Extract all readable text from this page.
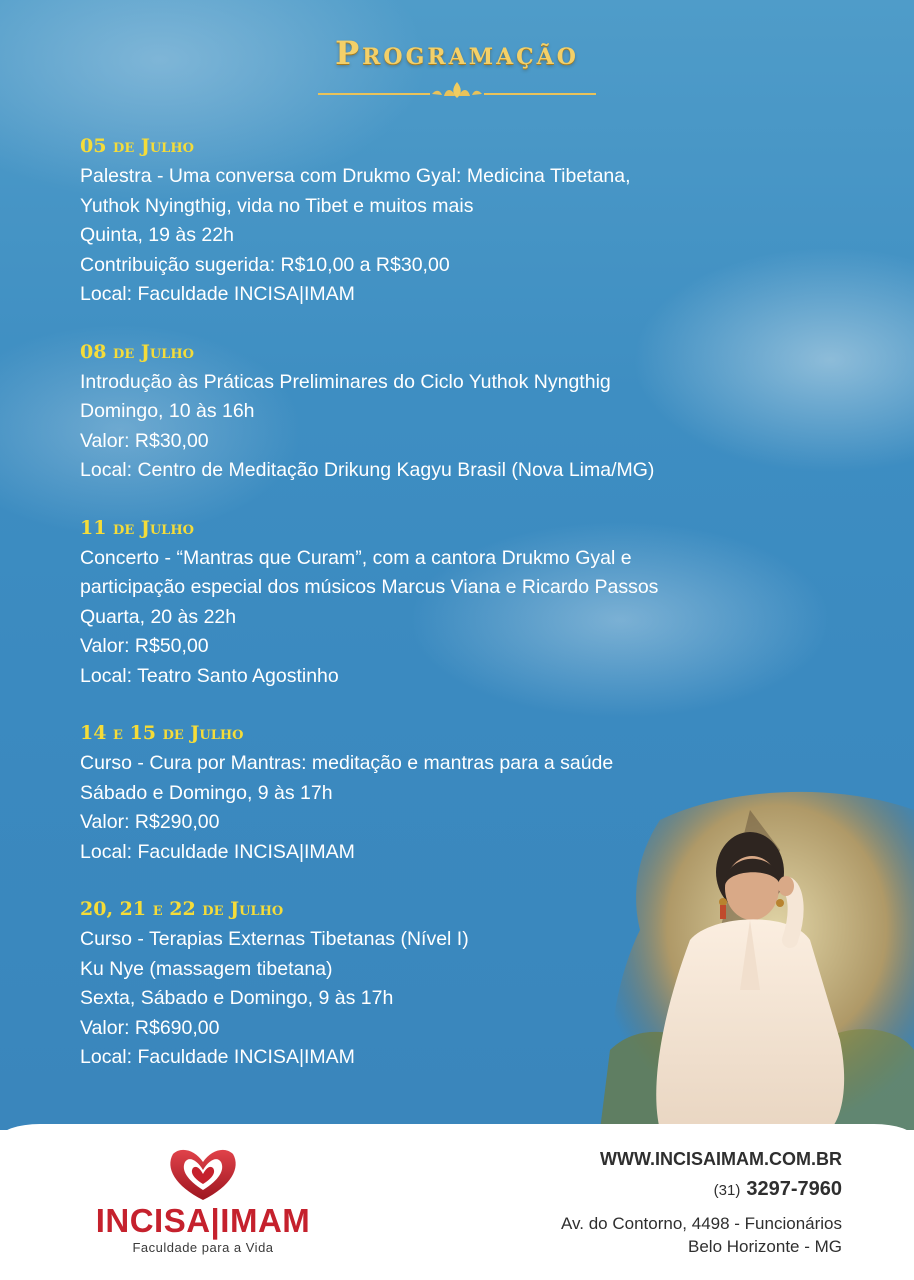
Programação
05 de Julho
Palestra - Uma conversa com Drukmo Gyal: Medicina Tibetana,
Yuthok Nyingthig, vida no Tibet e muitos mais
Quinta, 19 às 22h
Contribuição sugerida: R$10,00 a R$30,00
Local: Faculdade INCISA|IMAM
08 de Julho
Introdução às Práticas Preliminares do Ciclo Yuthok Nyngthig
Domingo, 10 às 16h
Valor: R$30,00
Local: Centro de Meditação Drikung Kagyu Brasil (Nova Lima/MG)
11 de Julho
Concerto - “Mantras que Curam”, com a cantora Drukmo Gyal e
participação especial dos músicos Marcus Viana e Ricardo Passos
Quarta, 20 às 22h
Valor: R$50,00
Local: Teatro Santo Agostinho
14 e 15 de Julho
Curso - Cura por Mantras: meditação e mantras para a saúde
Sábado e Domingo, 9 às 17h
Valor: R$290,00
Local: Faculdade INCISA|IMAM
20, 21 e 22 de Julho
Curso - Terapias Externas Tibetanas (Nível I)
Ku Nye (massagem tibetana)
Sexta, Sábado e Domingo, 9 às 17h
Valor: R$690,00
Local: Faculdade INCISA|IMAM
INCISA|IMAM
Faculdade para a Vida
WWW.INCISAIMAM.COM.BR
(31) 3297-7960
Av. do Contorno, 4498 - Funcionários
Belo Horizonte - MG
